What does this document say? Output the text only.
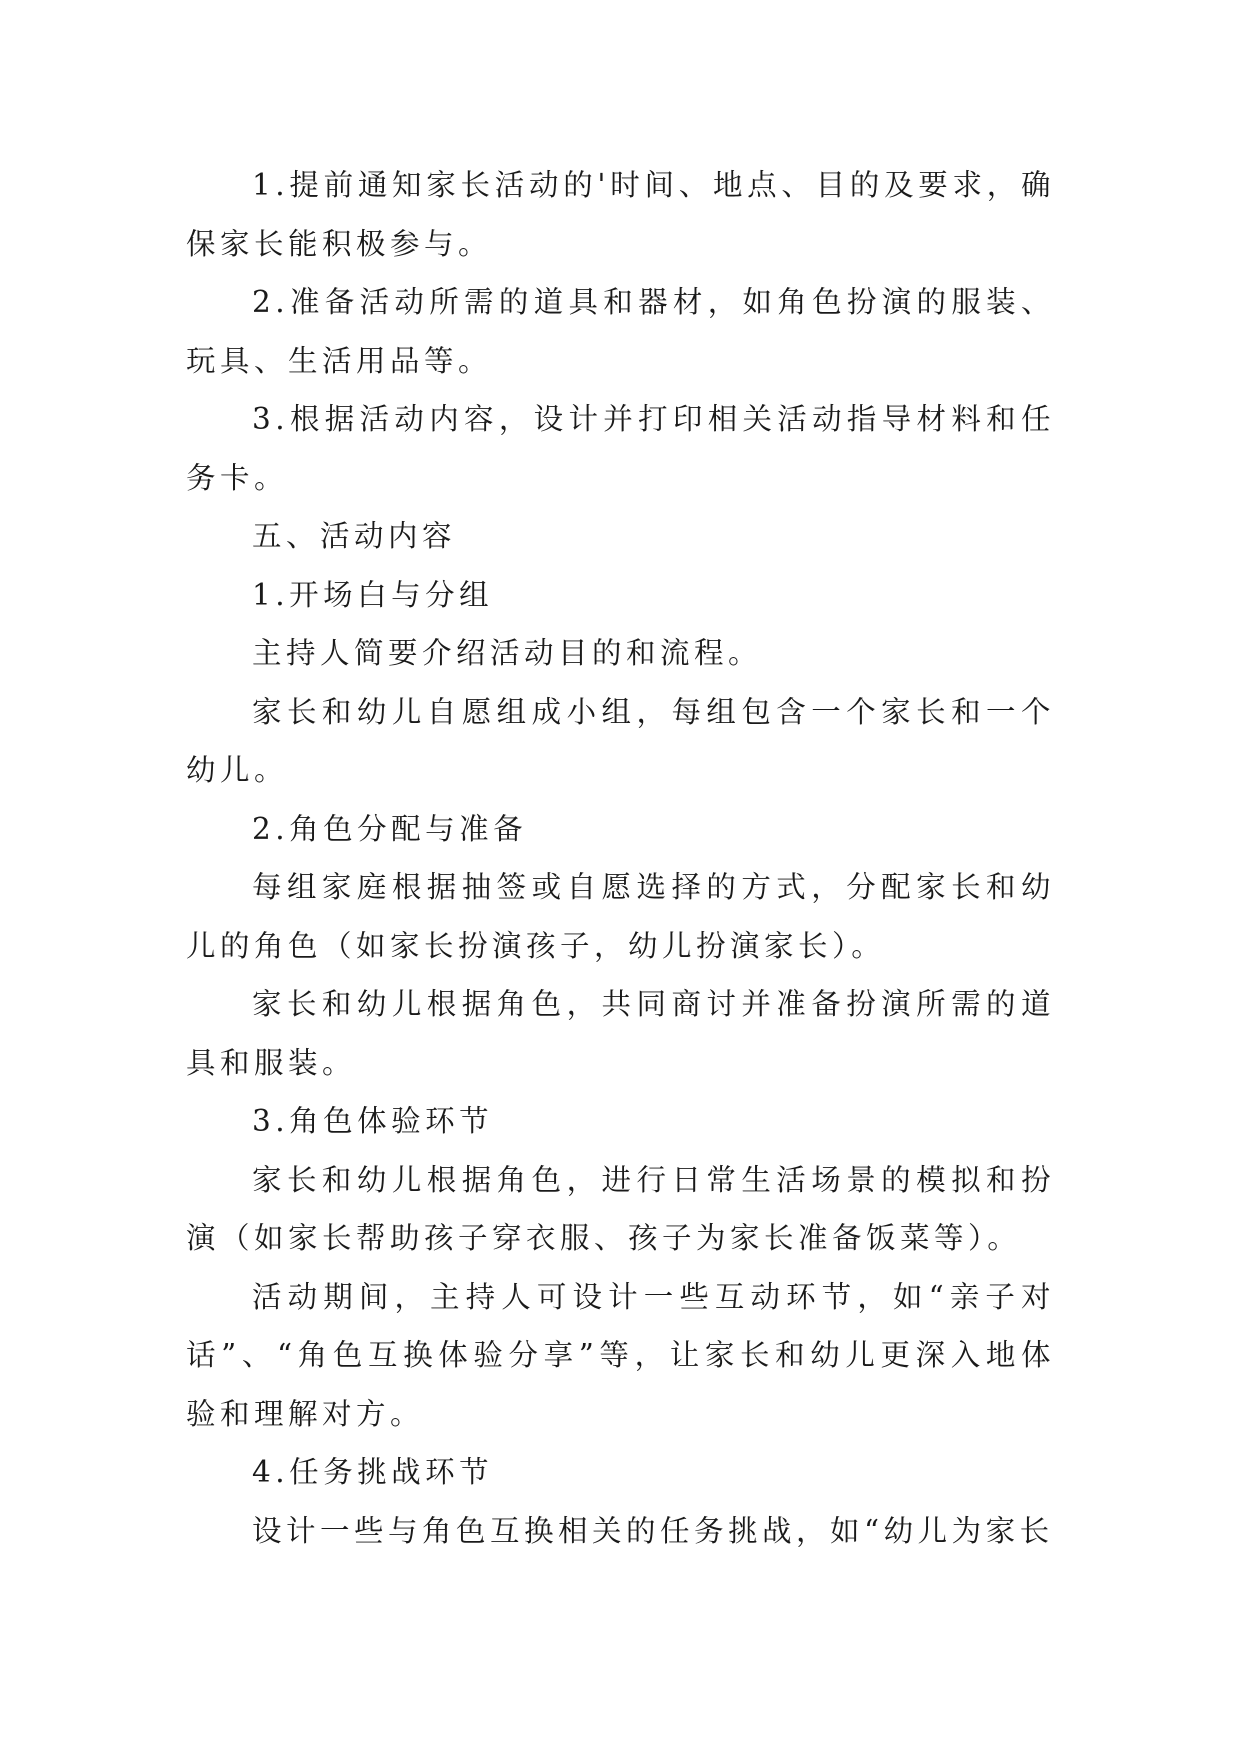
1.提前通知家长活动的'时间、地点、目的及要求，确保家长能积极参与。

2.准备活动所需的道具和器材，如角色扮演的服装、玩具、生活用品等。

3.根据活动内容，设计并打印相关活动指导材料和任务卡。

五、活动内容

1.开场白与分组

主持人简要介绍活动目的和流程。

家长和幼儿自愿组成小组，每组包含一个家长和一个幼儿。

2.角色分配与准备

每组家庭根据抽签或自愿选择的方式，分配家长和幼儿的角色（如家长扮演孩子，幼儿扮演家长）。

家长和幼儿根据角色，共同商讨并准备扮演所需的道具和服装。

3.角色体验环节

家长和幼儿根据角色，进行日常生活场景的模拟和扮演（如家长帮助孩子穿衣服、孩子为家长准备饭菜等）。

活动期间，主持人可设计一些互动环节，如“亲子对话”、“角色互换体验分享”等，让家长和幼儿更深入地体验和理解对方。

4.任务挑战环节

设计一些与角色互换相关的任务挑战，如“幼儿为家长
